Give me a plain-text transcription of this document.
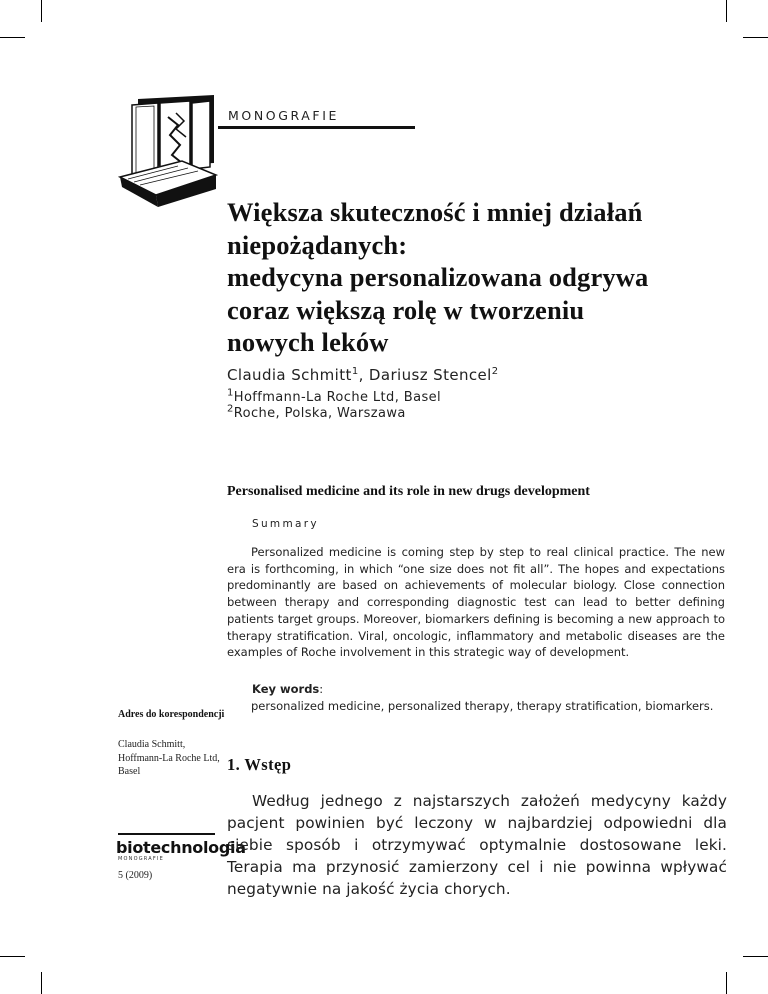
MONOGRAFIE
Większa skuteczność i mniej działań
niepożądanych:
medycyna personalizowana odgrywa
coraz większą rolę w tworzeniu
nowych leków
Claudia Schmitt$^1$, Dariusz Stencel$^2$
$^1$Hoffmann-La Roche Ltd, Basel
$^2$Roche, Polska, Warszawa
Personalised medicine and its role in new drugs development
Summary

Personalized medicine is coming step by step to real clinical practice. The new era is forthcoming, in which “one size does not fit all”. The hopes and expectations predominantly are based on achievements of molecular biology. Close connection between therapy and corresponding diagnostic test can lead to better defining patients target groups. Moreover, biomarkers defining is becoming a new approach to therapy stratification. Viral, oncologic, inflammatory and metabolic diseases are the examples of Roche involvement in this strategic way of development.

Key words:

personalized medicine, personalized therapy, therapy stratification, biomarkers.

Adres do korespondencji

Claudia Schmitt,
Hoffmann-La Roche Ltd,
Basel

biotechnologia
MONOGRAFIE
5 (2009)
1. Wstęp

Według jednego z najstarszych założeń medycyny każdy pacjent powinien być leczony w najbardziej odpowiedni dla siebie sposób i otrzymywać optymalnie dostosowane leki. Terapia ma przynosić zamierzony cel i nie powinna wpływać negatywnie na jakość życia chorych.
